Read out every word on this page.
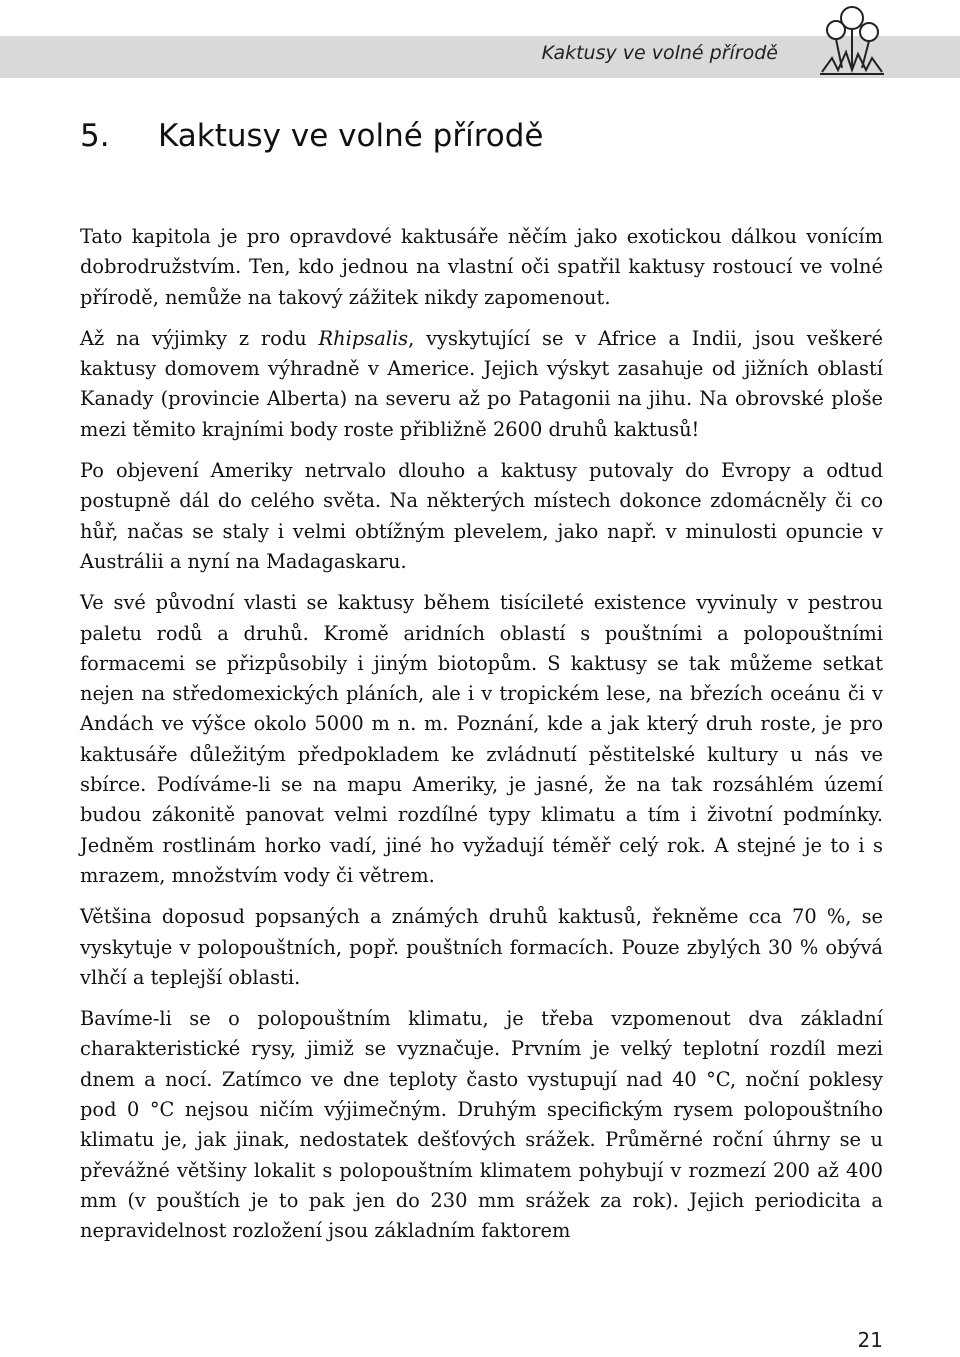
Kaktusy ve volné přírodě
5. Kaktusy ve volné přírodě

Tato kapitola je pro opravdové kaktusáře něčím jako exotickou dálkou vonícím dobrodružstvím. Ten, kdo jednou na vlastní oči spatřil kaktusy rostoucí ve volné přírodě, nemůže na takový zážitek nikdy zapomenout.

Až na výjimky z rodu Rhipsalis, vyskytující se v Africe a Indii, jsou veškeré kaktusy domovem výhradně v Americe. Jejich výskyt zasahuje od jižních oblastí Kanady (provincie Alberta) na severu až po Patagonii na jihu. Na obrovské ploše mezi těmito krajními body roste přibližně 2600 druhů kaktusů!

Po objevení Ameriky netrvalo dlouho a kaktusy putovaly do Evropy a odtud postupně dál do celého světa. Na některých místech dokonce zdomácněly či co hůř, načas se staly i velmi obtížným plevelem, jako např. v minulosti opuncie v Austrálii a nyní na Madagaskaru.

Ve své původní vlasti se kaktusy během tisícileté existence vyvinuly v pestrou paletu rodů a druhů. Kromě aridních oblastí s pouštními a polopouštními formacemi se přizpůsobily i jiným biotopům. S kaktusy se tak můžeme setkat nejen na středomexických pláních, ale i v tropickém lese, na březích oceánu či v Andách ve výšce okolo 5000 m n. m. Poznání, kde a jak který druh roste, je pro kaktusáře důležitým předpokladem ke zvládnutí pěstitelské kultury u nás ve sbírce. Podíváme-li se na mapu Ameriky, je jasné, že na tak rozsáhlém území budou zákonitě panovat velmi rozdílné typy klimatu a tím i životní podmínky. Jedněm rostlinám horko vadí, jiné ho vyžadují téměř celý rok. A stejné je to i s mrazem, množstvím vody či větrem.

Většina doposud popsaných a známých druhů kaktusů, řekněme cca 70 %, se vyskytuje v polopouštních, popř. pouštních formacích. Pouze zbylých 30 % obývá vlhčí a teplejší oblasti.

Bavíme-li se o polopouštním klimatu, je třeba vzpomenout dva základní charakteristické rysy, jimiž se vyznačuje. Prvním je velký teplotní rozdíl mezi dnem a nocí. Zatímco ve dne teploty často vystupují nad 40 °C, noční poklesy pod 0 °C nejsou ničím výjimečným. Druhým specifickým rysem polopouštního klimatu je, jak jinak, nedostatek dešťových srážek. Průměrné roční úhrny se u převážné většiny lokalit s polopouštním klimatem pohybují v rozmezí 200 až 400 mm (v pouštích je to pak jen do 230 mm srážek za rok). Jejich periodicita a nepravidelnost rozložení jsou základním faktorem

21
